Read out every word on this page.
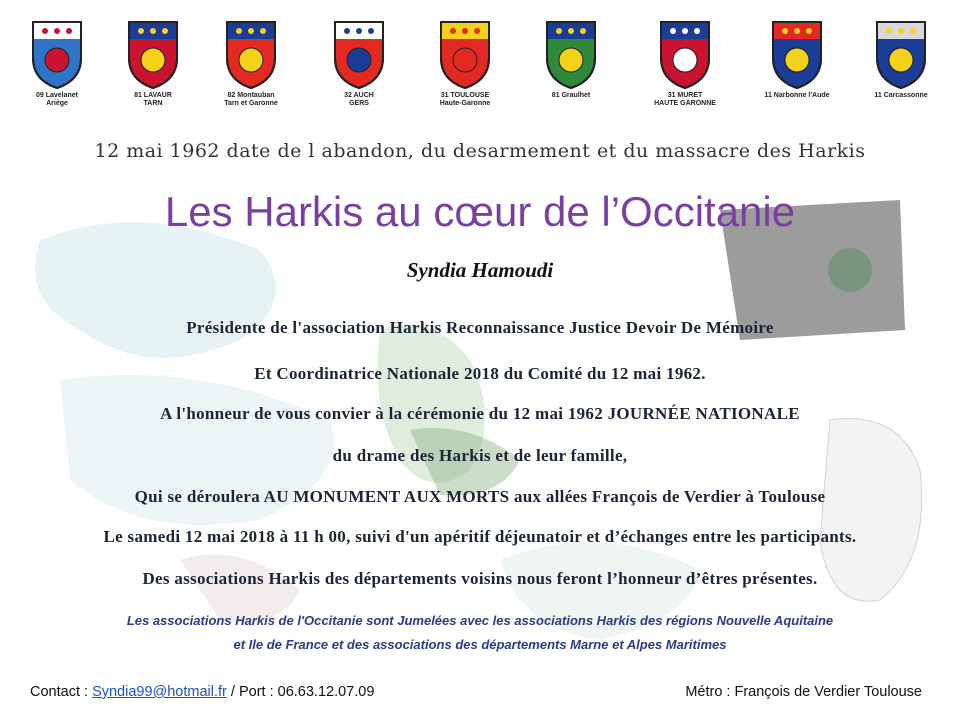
09 Lavelanet
Ariège
81 LAVAUR
TARN
82 Montauban
Tarn et Garonne
32 AUCH
GERS
31 TOULOUSE
Haute-Garonne
81 Graulhet	31 MURET
HAUTE GARONNE
11 Narbonne l'Aude	11 Carcassonne
12 mai 1962 date de l abandon, du desarmement et du massacre des Harkis
Les Harkis au cœur de l’Occitanie
Syndia Hamoudi
Présidente de l'association Harkis Reconnaissance Justice Devoir De Mémoire
Et Coordinatrice Nationale 2018 du Comité du 12 mai 1962.
A l'honneur de vous convier à la cérémonie du 12 mai 1962 JOURNÉE NATIONALE
du drame des Harkis et de leur famille,
Qui se déroulera AU MONUMENT AUX MORTS aux allées François de Verdier à Toulouse
Le samedi 12 mai 2018 à 11 h 00, suivi d'un apéritif déjeunatoir et d’échanges entre les participants.
Des associations Harkis des départements voisins nous feront l’honneur d’êtres présentes.
Les associations Harkis de l'Occitanie sont Jumelées avec les associations Harkis des régions Nouvelle Aquitaine
et Ile de France et des associations des départements Marne et Alpes Maritimes
Contact : Syndia99@hotmail.fr / Port : 06.63.12.07.09	Métro : François de Verdier Toulouse
